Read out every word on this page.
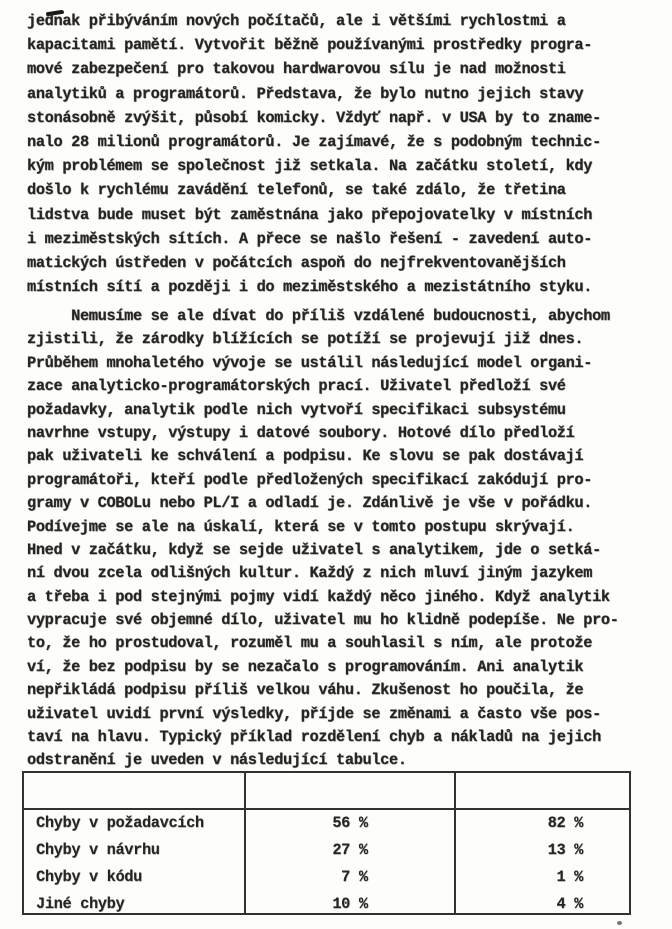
jednak přibýváním nových počítačů, ale i většími rychlostmi a
kapacitami pamětí. Vytvořit běžně používanými prostředky progra-
mové zabezpečení pro takovou hardwarovou sílu je nad možnosti
analytiků a programátorů. Představa, že bylo nutno jejich stavy
stonásobně zvýšit, působí komicky. Vždyť např. v USA by to zname-
nalo 28 milionů programátorů. Je zajímavé, že s podobným technic-
kým problémem se společnost již setkala. Na začátku století, kdy
došlo k rychlému zavádění telefonů, se také zdálo, že třetina
lidstva bude muset být zaměstnána jako přepojovatelky v místních
i meziměstských sítích. A přece se našlo řešení - zavedení auto-
matických ústředen v počátcích aspoň do nejfrekventovanějších
místních sítí a později i do meziměstského a mezistátního styku.
Nemusíme se ale dívat do příliš vzdálené budoucnosti, abychom
zjistili, že zárodky blížících se potíží se projevují již dnes.
Průběhem mnohaletého vývoje se ustálil následující model organi-
zace analyticko-programátorských prací. Uživatel předloží své
požadavky, analytik podle nich vytvoří specifikaci subsystému
navrhne vstupy, výstupy i datové soubory. Hotové dílo předloží
pak uživateli ke schválení a podpisu. Ke slovu se pak dostávají
programátoři, kteří podle předložených specifikací zakódují pro-
gramy v COBOLu nebo PL/I a odladí je. Zdánlivě je vše v pořádku.
Podívejme se ale na úskalí, která se v tomto postupu skrývají.
Hned v začátku, když se sejde uživatel s analytikem, jde o setká-
ní dvou zcela odlišných kultur. Každý z nich mluví jiným jazykem
a třeba i pod stejnými pojmy vidí každý něco jiného. Když analytik
vypracuje své objemné dílo, uživatel mu ho klidně podepíše. Ne pro-
to, že ho prostudoval, rozuměl mu a souhlasil s ním, ale protože
ví, že bez podpisu by se nezačalo s programováním. Ani analytik
nepřikládá podpisu příliš velkou váhu. Zkušenost ho poučila, že
uživatel uvidí první výsledky, příjde se změnami a často vše pos-
taví na hlavu. Typický příklad rozdělení chyb a nákladů na jejich
odstranění je uveden v následující tabulce.

Chyby v požadavcích	56 %	82 %
Chyby v návrhu	27 %	13 %
Chyby v kódu	7 %	1 %
Jiné chyby	10 %	4 %
